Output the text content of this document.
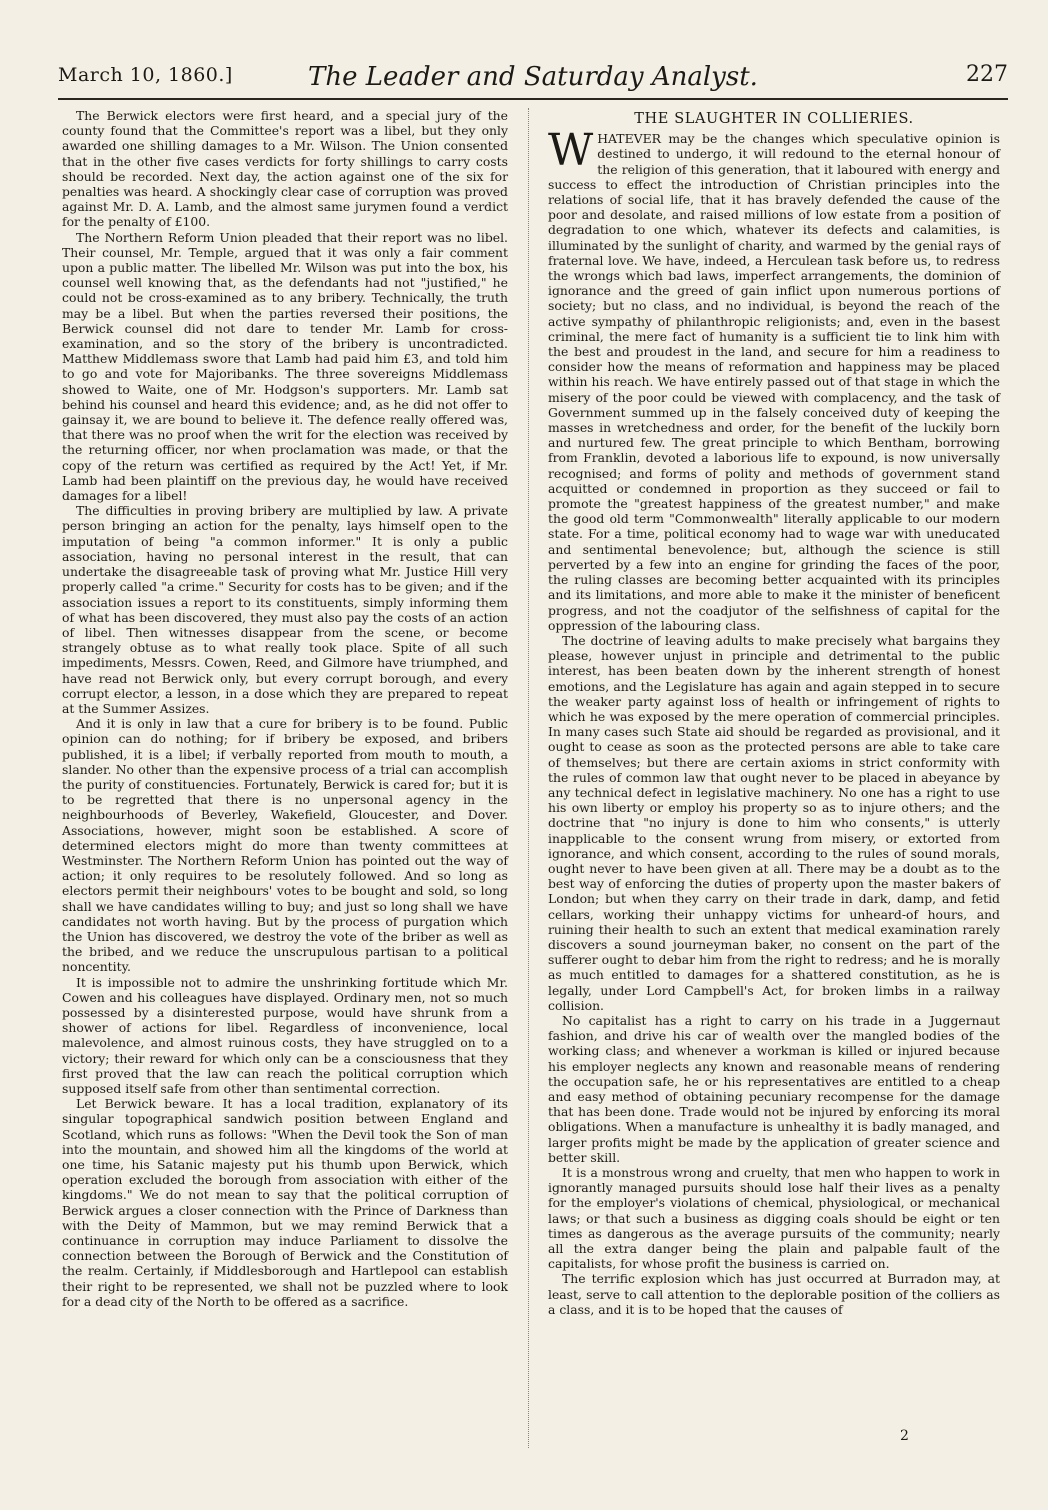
March 10, 1860.]	The Leader and Saturday Analyst.	227

The Berwick electors were first heard, and a special jury of the county found that the Committee's report was a libel, but they only awarded one shilling damages to a Mr. Wilson. The Union consented that in the other five cases verdicts for forty shillings to carry costs should be recorded. Next day, the action against one of the six for penalties was heard. A shockingly clear case of corruption was proved against Mr. D. A. Lamb, and the almost same jurymen found a verdict for the penalty of £100.

The Northern Reform Union pleaded that their report was no libel. Their counsel, Mr. Temple, argued that it was only a fair comment upon a public matter. The libelled Mr. Wilson was put into the box, his counsel well knowing that, as the defendants had not "justified," he could not be cross-examined as to any bribery. Technically, the truth may be a libel. But when the parties reversed their positions, the Berwick counsel did not dare to tender Mr. Lamb for cross-examination, and so the story of the bribery is uncontradicted. Matthew Middlemass swore that Lamb had paid him £3, and told him to go and vote for Majoribanks. The three sovereigns Middlemass showed to Waite, one of Mr. Hodgson's supporters. Mr. Lamb sat behind his counsel and heard this evidence; and, as he did not offer to gainsay it, we are bound to believe it. The defence really offered was, that there was no proof when the writ for the election was received by the returning officer, nor when proclamation was made, or that the copy of the return was certified as required by the Act! Yet, if Mr. Lamb had been plaintiff on the previous day, he would have received damages for a libel!

The difficulties in proving bribery are multiplied by law. A private person bringing an action for the penalty, lays himself open to the imputation of being "a common informer." It is only a public association, having no personal interest in the result, that can undertake the disagreeable task of proving what Mr. Justice Hill very properly called "a crime." Security for costs has to be given; and if the association issues a report to its constituents, simply informing them of what has been discovered, they must also pay the costs of an action of libel. Then witnesses disappear from the scene, or become strangely obtuse as to what really took place. Spite of all such impediments, Messrs. Cowen, Reed, and Gilmore have triumphed, and have read not Berwick only, but every corrupt borough, and every corrupt elector, a lesson, in a dose which they are prepared to repeat at the Summer Assizes.

And it is only in law that a cure for bribery is to be found. Public opinion can do nothing; for if bribery be exposed, and bribers published, it is a libel; if verbally reported from mouth to mouth, a slander. No other than the expensive process of a trial can accomplish the purity of constituencies. Fortunately, Berwick is cared for; but it is to be regretted that there is no unpersonal agency in the neighbourhoods of Beverley, Wakefield, Gloucester, and Dover. Associations, however, might soon be established. A score of determined electors might do more than twenty committees at Westminster. The Northern Reform Union has pointed out the way of action; it only requires to be resolutely followed. And so long as electors permit their neighbours' votes to be bought and sold, so long shall we have candidates willing to buy; and just so long shall we have candidates not worth having. But by the process of purgation which the Union has discovered, we destroy the vote of the briber as well as the bribed, and we reduce the unscrupulous partisan to a political noncentity.

It is impossible not to admire the unshrinking fortitude which Mr. Cowen and his colleagues have displayed. Ordinary men, not so much possessed by a disinterested purpose, would have shrunk from a shower of actions for libel. Regardless of inconvenience, local malevolence, and almost ruinous costs, they have struggled on to a victory; their reward for which only can be a consciousness that they first proved that the law can reach the political corruption which supposed itself safe from other than sentimental correction.

Let Berwick beware. It has a local tradition, explanatory of its singular topographical sandwich position between England and Scotland, which runs as follows: "When the Devil took the Son of man into the mountain, and showed him all the kingdoms of the world at one time, his Satanic majesty put his thumb upon Berwick, which operation excluded the borough from association with either of the kingdoms." We do not mean to say that the political corruption of Berwick argues a closer connection with the Prince of Darkness than with the Deity of Mammon, but we may remind Berwick that a continuance in corruption may induce Parliament to dissolve the connection between the Borough of Berwick and the Constitution of the realm. Certainly, if Middlesborough and Hartlepool can establish their right to be represented, we shall not be puzzled where to look for a dead city of the North to be offered as a sacrifice.

THE SLAUGHTER IN COLLIERIES.

WHATEVER may be the changes which speculative opinion is destined to undergo, it will redound to the eternal honour of the religion of this generation, that it laboured with energy and success to effect the introduction of Christian principles into the relations of social life, that it has bravely defended the cause of the poor and desolate, and raised millions of low estate from a position of degradation to one which, whatever its defects and calamities, is illuminated by the sunlight of charity, and warmed by the genial rays of fraternal love. We have, indeed, a Herculean task before us, to redress the wrongs which bad laws, imperfect arrangements, the dominion of ignorance and the greed of gain inflict upon numerous portions of society; but no class, and no individual, is beyond the reach of the active sympathy of philanthropic religionists; and, even in the basest criminal, the mere fact of humanity is a sufficient tie to link him with the best and proudest in the land, and secure for him a readiness to consider how the means of reformation and happiness may be placed within his reach. We have entirely passed out of that stage in which the misery of the poor could be viewed with complacency, and the task of Government summed up in the falsely conceived duty of keeping the masses in wretchedness and order, for the benefit of the luckily born and nurtured few. The great principle to which Bentham, borrowing from Franklin, devoted a laborious life to expound, is now universally recognised; and forms of polity and methods of government stand acquitted or condemned in proportion as they succeed or fail to promote the "greatest happiness of the greatest number," and make the good old term "Commonwealth" literally applicable to our modern state. For a time, political economy had to wage war with uneducated and sentimental benevolence; but, although the science is still perverted by a few into an engine for grinding the faces of the poor, the ruling classes are becoming better acquainted with its principles and its limitations, and more able to make it the minister of beneficent progress, and not the coadjutor of the selfishness of capital for the oppression of the labouring class.

The doctrine of leaving adults to make precisely what bargains they please, however unjust in principle and detrimental to the public interest, has been beaten down by the inherent strength of honest emotions, and the Legislature has again and again stepped in to secure the weaker party against loss of health or infringement of rights to which he was exposed by the mere operation of commercial principles. In many cases such State aid should be regarded as provisional, and it ought to cease as soon as the protected persons are able to take care of themselves; but there are certain axioms in strict conformity with the rules of common law that ought never to be placed in abeyance by any technical defect in legislative machinery. No one has a right to use his own liberty or employ his property so as to injure others; and the doctrine that "no injury is done to him who consents," is utterly inapplicable to the consent wrung from misery, or extorted from ignorance, and which consent, according to the rules of sound morals, ought never to have been given at all. There may be a doubt as to the best way of enforcing the duties of property upon the master bakers of London; but when they carry on their trade in dark, damp, and fetid cellars, working their unhappy victims for unheard-of hours, and ruining their health to such an extent that medical examination rarely discovers a sound journeyman baker, no consent on the part of the sufferer ought to debar him from the right to redress; and he is morally as much entitled to damages for a shattered constitution, as he is legally, under Lord Campbell's Act, for broken limbs in a railway collision.

No capitalist has a right to carry on his trade in a Juggernaut fashion, and drive his car of wealth over the mangled bodies of the working class; and whenever a workman is killed or injured because his employer neglects any known and reasonable means of rendering the occupation safe, he or his representatives are entitled to a cheap and easy method of obtaining pecuniary recompense for the damage that has been done. Trade would not be injured by enforcing its moral obligations. When a manufacture is unhealthy it is badly managed, and larger profits might be made by the application of greater science and better skill.

It is a monstrous wrong and cruelty, that men who happen to work in ignorantly managed pursuits should lose half their lives as a penalty for the employer's violations of chemical, physiological, or mechanical laws; or that such a business as digging coals should be eight or ten times as dangerous as the average pursuits of the community; nearly all the extra danger being the plain and palpable fault of the capitalists, for whose profit the business is carried on.

The terrific explosion which has just occurred at Burradon may, at least, serve to call attention to the deplorable position of the colliers as a class, and it is to be hoped that the causes of

2
